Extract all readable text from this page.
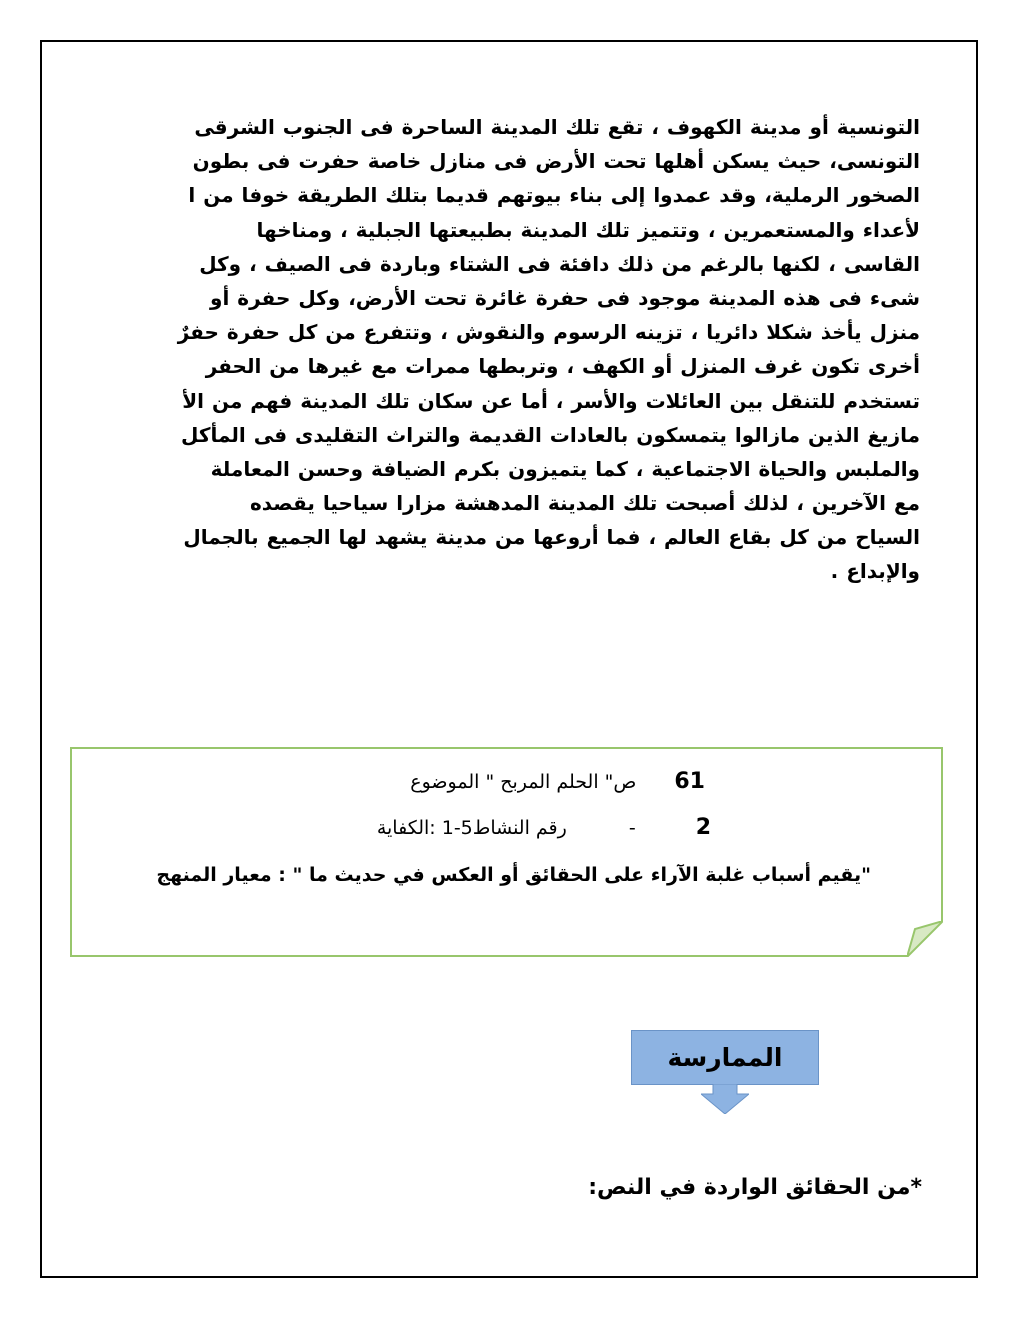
التونسية أو مدينة الكهوف ، تقع تلك المدينة الساحرة فى الجنوب الشرقى
التونسى، حيث يسكن أهلها تحت الأرض فى منازل خاصة حفرت فى بطون
الصخور الرملية، وقد عمدوا إلى بناء بيوتهم قديما بتلك الطريقة خوفا من ا
لأعداء والمستعمرين ، وتتميز تلك المدينة بطبيعتها الجبلية ، ومناخها
القاسى ، لكنها بالرغم من ذلك دافئة فى الشتاء وباردة فى الصيف ، وكل
شىء فى هذه المدينة موجود فى حفرة غائرة تحت الأرض، وكل حفرة أو
منزل يأخذ شكلا دائريا ، تزينه الرسوم والنقوش ، وتتفرع من كل حفرة حفرٌ
أخرى تكون غرف المنزل أو الكهف ، وتربطها ممرات مع غيرها من الحفر
تستخدم للتنقل بين العائلات والأسر ، أما عن سكان تلك المدينة فهم من الأ
مازيغ الذين مازالوا يتمسكون بالعادات القديمة والتراث التقليدى فى المأكل
والملبس والحياة الاجتماعية ، كما يتميزون بكرم الضيافة وحسن المعاملة
مع الآخرين ، لذلك أصبحت تلك المدينة المدهشة مزارا سياحيا يقصده
السياح من كل بقاع العالم ، فما أروعها من مدينة يشهد لها الجميع بالجمال
والإبداع .
61ص" الحلم المربح " الموضوع
2-رقم النشاط5-1 :الكفاية
"يقيم أسباب غلبة الآراء على الحقائق أو العكس في حديث ما " : معيار المنهج
الممارسة
*من الحقائق الواردة في النص:
